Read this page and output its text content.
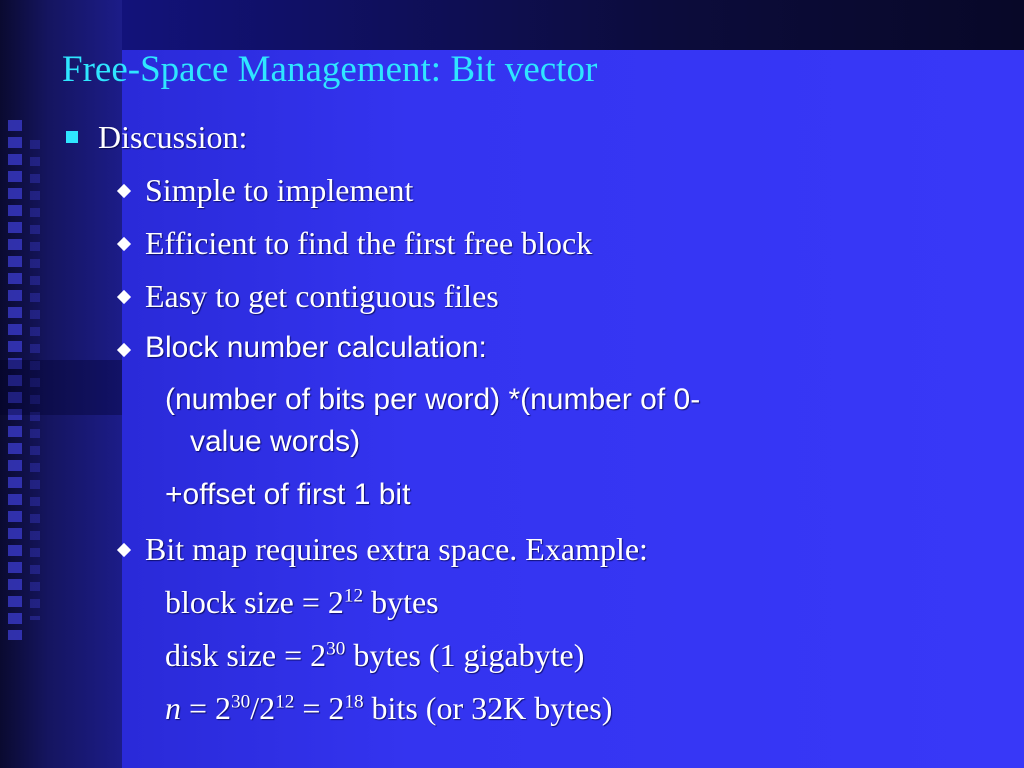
Free-Space Management: Bit vector
Discussion:
Simple to implement
Efficient to find the first free block
Easy to get contiguous files
Block number calculation:
(number of bits per word) *(number of 0-
value words)
+offset of first 1 bit
Bit map requires extra space. Example:
block size = $2^{12}$ bytes
disk size = $2^{30}$ bytes (1 gigabyte)
$n = 2^{30}/2^{12} = 2^{18}$ bits (or 32K bytes)
